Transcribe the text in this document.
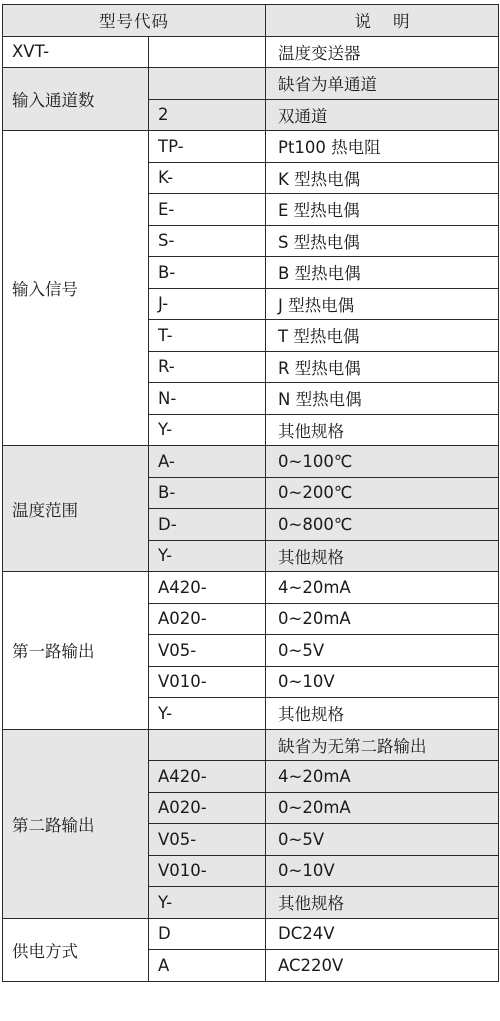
型号代码		说明
XVT-		温度变送器
输入通道数		缺省为单通道
	2	双通道
输入信号	TP-	Pt100 热电阻
	K-	K 型热电偶
	E-	E 型热电偶
	S-	S 型热电偶
	B-	B 型热电偶
	J-	J 型热电偶
	T-	T 型热电偶
	R-	R 型热电偶
	N-	N 型热电偶
	Y-	其他规格
温度范围	A-	0~100℃
	B-	0~200℃
	D-	0~800℃
	Y-	其他规格
第一路输出	A420-	4~20mA
	A020-	0~20mA
	V05-	0~5V
	V010-	0~10V
	Y-	其他规格
第二路输出		缺省为无第二路输出
	A420-	4~20mA
	A020-	0~20mA
	V05-	0~5V
	V010-	0~10V
	Y-	其他规格
供电方式	D	DC24V
	A	AC220V
